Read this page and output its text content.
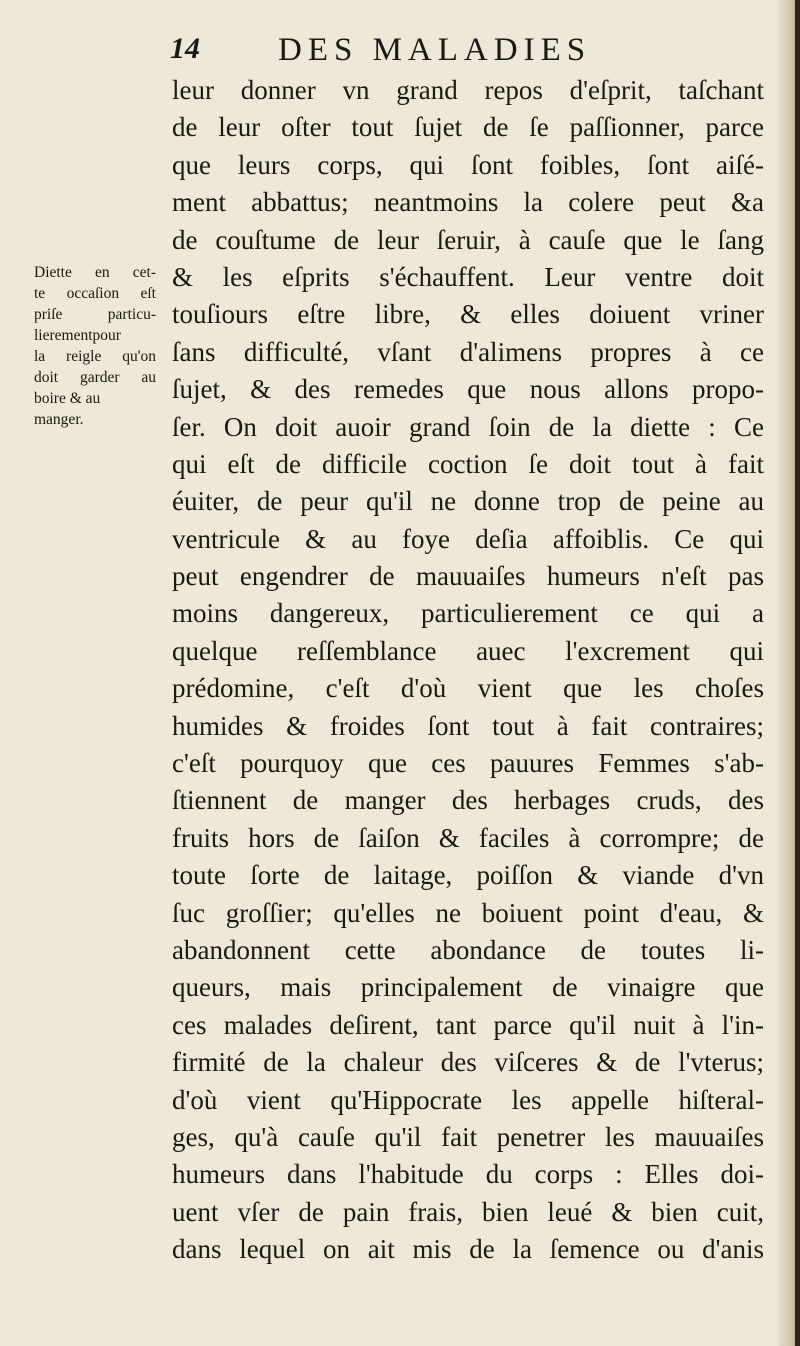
14 DES MALADIES
Diette en cet-
te occaſion eſt
priſe particu-
lierementpour
la reigle qu'on
doit garder au
boire & au
manger.
leur donner vn grand repos d'eſprit, taſchant
de leur oſter tout ſujet de ſe paſſionner, parce
que leurs corps, qui ſont foibles, ſont aiſé-
ment abbattus; neantmoins la colere peut &a
de couſtume de leur ſeruir, à cauſe que le ſang
& les eſprits s'échauffent. Leur ventre doit
touſiours eſtre libre, & elles doiuent vriner
ſans difficulté, vſant d'alimens propres à ce
ſujet, & des remedes que nous allons propo-
ſer. On doit auoir grand ſoin de la diette : Ce
qui eſt de difficile coction ſe doit tout à fait
éuiter, de peur qu'il ne donne trop de peine au
ventricule & au foye deſia affoiblis. Ce qui
peut engendrer de mauuaiſes humeurs n'eſt pas
moins dangereux, particulierement ce qui a
quelque reſſemblance auec l'excrement qui
prédomine, c'eſt d'où vient que les choſes
humides & froides ſont tout à fait contraires;
c'eſt pourquoy que ces pauures Femmes s'ab-
ſtiennent de manger des herbages cruds, des
fruits hors de ſaiſon & faciles à corrompre; de
toute ſorte de laitage, poiſſon & viande d'vn
ſuc groſſier; qu'elles ne boiuent point d'eau, &
abandonnent cette abondance de toutes li-
queurs, mais principalement de vinaigre que
ces malades deſirent, tant parce qu'il nuit à l'in-
firmité de la chaleur des viſceres & de l'vterus;
d'où vient qu'Hippocrate les appelle hiſteral-
ges, qu'à cauſe qu'il fait penetrer les mauuaiſes
humeurs dans l'habitude du corps : Elles doi-
uent vſer de pain frais, bien leué & bien cuit,
dans lequel on ait mis de la ſemence ou d'anis
